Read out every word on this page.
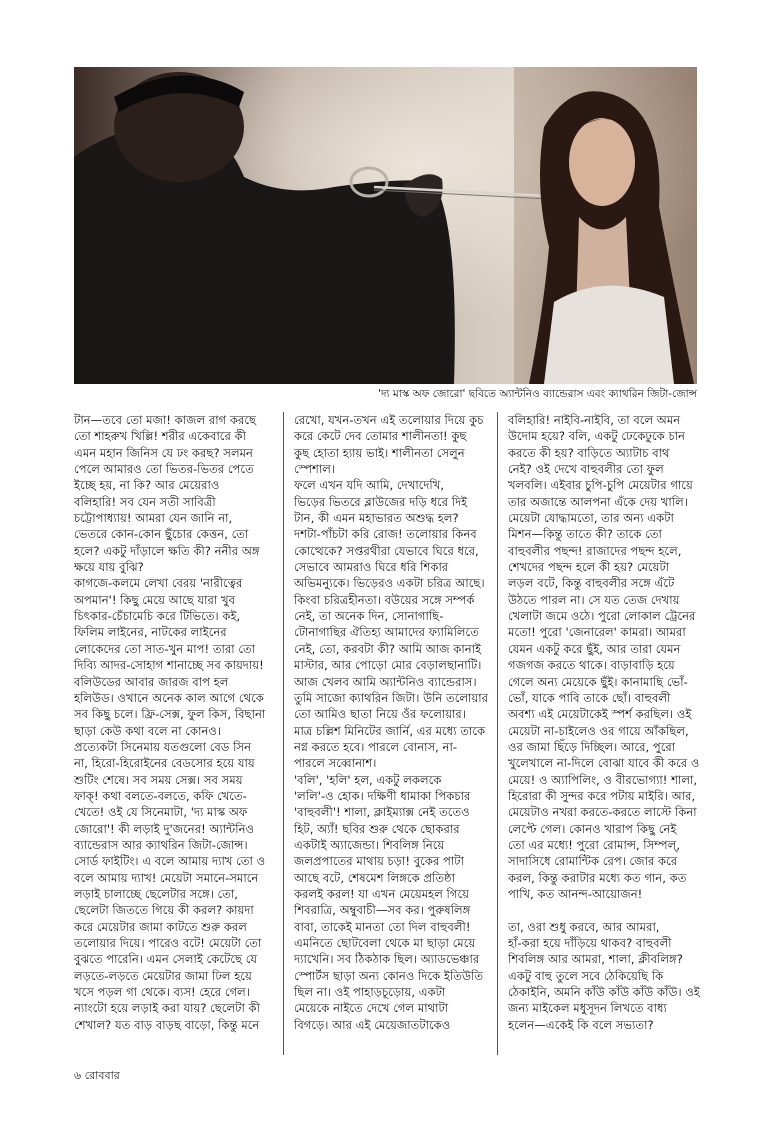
'দ্য মাস্ক অফ জোরো' ছবিতে অ্যান্টনিও ব্যান্ডেরাস এবং ক্যাথরিন জিটা-জোন্স

টান—তবে তো মজা! কাজল রাগ করছে

তো শাহরুখ খিল্লি! শরীর একেবারে কী

এমন মহান জিনিস যে ঢং করছ? সলমন

পেলে আমারও তো ভিতর-ভিতর পেতে

ইচ্ছে হয়, না কি? আর মেয়েরাও

বলিহারি! সব যেন সতী সাবিত্রী

চট্টোপাধ্যায়! আমরা যেন জানি না,

ভেতরে কোন-কোন ছুঁচোর কেত্তন, তো

হলে? একটু দাঁড়ালে ক্ষতি কী? ননীর অঙ্গ

ক্ষয়ে যায় বুঝি?

কাগজে-কলমে লেখা বেরয় 'নারীত্বের

অপমান'! কিছু মেয়ে আছে যারা খুব

চিৎকার-চেঁচামেচি করে টিভিতে। কই,

ফিলিম লাইনের, নাটকের লাইনের

লোকেদের তো সাত-খুন মাপ! তারা তো

দিব্যি আদর-সোহাগ শানাচ্ছে সব কায়দায়!

বলিউডের আবার জারজ বাপ হল

হলিউড। ওখানে অনেক কাল আগে থেকে

সব কিছু চলে। ফ্রি-সেক্স, ফুল কিস, বিছানা

ছাড়া কেউ কথা বলে না কোনও।

প্রত্যেকটা সিনেমায় যতগুলো বেড সিন

না, হিরো-হিরোইনের বেডসোর হয়ে যায়

শুটিং শেষে। সব সময় সেক্স। সব সময়

ফাক্! কথা বলতে-বলতে, কফি খেতে-

খেতে! ওই যে সিনেমাটা, 'দ্য মাস্ক অফ

জোরো'! কী লড়াই দু'জনের! অ্যান্টনিও

ব্যান্ডেরাস আর ক্যাথরিন জিটা-জোন্স।

সোর্ড ফাইটিং। এ বলে আমায় দ্যাখ তো ও

বলে আমায় দ্যাখ! মেয়েটা সমানে-সমানে

লড়াই চালাচ্ছে ছেলেটার সঙ্গে। তো,

ছেলেটা জিততে গিয়ে কী করল? কায়দা

করে মেয়েটার জামা কাটতে শুরু করল

তলোয়ার দিয়ে। পারেও বটে! মেয়েটা তো

বুঝতে পারেনি। এমন সেলাই কেটেছে যে

লড়তে-লড়তে মেয়েটার জামা ঢিল হয়ে

খসে পড়ল গা থেকে। ব্যস! হেরে গেল।

ন্যাংটো হয়ে লড়াই করা যায়? ছেলেটা কী

শেখাল? যত বাড় বাড়ছ বাড়ো, কিন্তু মনে

রেখো, যখন-তখন এই তলোয়ার দিয়ে কুচ

করে কেটে দেব তোমার শালীনতা! কুছ

কুছ হোতা হ্যায় ভাই। শালীনতা সেলুন

স্পেশাল।

ফলে এখন যদি আমি, দেখাদেখি,

ভিড়ের ভিতরে ব্লাউজের দড়ি ধরে দিই

টান, কী এমন মহাভারত অশুদ্ধ হল?

দশটা-পাঁচটা করি রোজ! তলোয়ার কিনব

কোত্থেকে? সপ্তরথীরা যেভাবে ঘিরে ধরে,

সেভাবে আমরাও ঘিরে ধরি শিকার

অভিমন্যুকে। ভিড়েরও একটা চরিত্র আছে।

কিংবা চরিত্রহীনতা। বউয়ের সঙ্গে সম্পর্ক

নেই, তা অনেক দিন, সোনাগাছি-

টোনাগাছির ঐতিহ্য আমাদের ফ্যামিলিতে

নেই, তো, করবটা কী? আমি আজ কানাই

মাস্টার, আর পোড়ো মোর বেড়ালছানাটি।

আজ খেলব আমি অ্যান্টনিও ব্যান্ডেরাস।

তুমি সাজো ক্যাথরিন জিটা। উনি তলোয়ার

তো আমিও ছাতা নিয়ে ওঁর ফলোয়ার।

মাত্র চল্লিশ মিনিটের জার্নি, এর মধ্যে তাকে

নগ্ন করতে হবে। পারলে বোনাস, না-

পারলে সব্বোনাশ।

'বলি', 'হলি' হল, একটু লকলকে

'ললি'-ও হোক। দক্ষিণী ধামাকা পিকচার

'বাহুবলী'! শালা, ক্লাইম্যাক্স নেই ততেও

হিট, অ্যাঁ! ছবির শুরু থেকে ছোকরার

একটাই অ্যাজেন্ডা। শিবলিঙ্গ নিয়ে

জলপ্রপাতের মাথায় চড়া! বুকের পাটা

আছে বটে, শেষমেশ লিঙ্গকে প্রতিষ্ঠা

করলই করল! যা এখন মেয়েমহল গিয়ে

শিবরাত্রি, অম্বুবাচী—সব কর। পুরুষলিঙ্গ

বাবা, তাকেই মানতা তো দিল বাহুবলী!

এমনিতে ছোটবেলা থেকে মা ছাড়া মেয়ে

দ্যাখেনি। সব ঠিকঠাক ছিল। অ্যাডভেঞ্চার

স্পোর্টস ছাড়া অন্য কোনও দিকে ইতিউতি

ছিল না। ওই পাহাড়চূড়োয়, একটা

মেয়েকে নাইতে দেখে গেল মাথাটা

বিগড়ে। আর এই মেয়েজাতটাকেও

বলিহারি! নাইবি-নাইবি, তা বলে অমন

উদোম হয়ে? বলি, একটু ঢেকেঢুকে চান

করতে কী হয়? বাড়িতে অ্যাটাচ বাথ

নেই? ওই দেখে বাহুবলীর তো ফুল

খলবলি। এইবার চুপি-চুপি মেয়েটার গায়ে

তার অজান্তে আলপনা এঁকে দেয় খালি।

মেয়েটা যোদ্ধামতো, তার অন্য একটা

মিশন—কিন্তু তাতে কী? তাকে তো

বাহুবলীর পছন্দ! রাজাদের পছন্দ হলে,

শেখদের পছন্দ হলে কী হয়? মেয়েটা

লড়ল বটে, কিন্তু বাহুবলীর সঙ্গে এঁটে

উঠতে পারল না। সে যত তেজ দেখায়

খেলাটা জমে ওঠে। পুরো লোকাল ট্রেনের

মতো! পুরো 'জেনারেল' কামরা। আমরা

যেমন একটু করে ছুঁই, আর তারা যেমন

গজগজ করতে থাকে। বাড়াবাড়ি হয়ে

গেলে অন্য মেয়েকে ছুঁই। কানামাছি ভোঁ-

ভোঁ, যাকে পাবি তাকে ছোঁ। বাহুবলী

অবশ্য এই মেয়েটাকেই স্পর্শ করছিল। ওই

মেয়েটা না-চাইলেও ওর গায়ে আঁকছিল,

ওর জামা ছিঁড়ে দিচ্ছিল। আরে, পুরো

খুলেখালে না-দিলে বোঝা যাবে কী করে ও

মেয়ে! ও অ্যাপিলিং, ও বীরভোগ্যা! শালা,

হিরোরা কী সুন্দর করে পটায় মাইরি। আর,

মেয়েটাও নখরা করতে-করতে লাস্টে কিনা

লেপ্টে গেল। কোনও খারাপ কিছু নেই

তো এর মধ্যে! পুরো রোমান্স, সিম্পল্,

সাদাসিধে রোমান্টিক রেপ। জোর করে

করল, কিন্তু করাটার মধ্যে কত গান, কত

পাখি, কত আনন্দ-আয়োজন!

তা, ওরা শুধু করবে, আর আমরা,

হাঁ-করা হয়ে দাঁড়িয়ে থাকব? বাহুবলী

শিবলিঙ্গ আর আমরা, শালা, ক্লীবলিঙ্গ?

একটু বাহু তুলে সবে ঠেকিয়েছি কি

ঠেকাইনি, অমনি কাঁউ কাঁউ কাঁউ কাঁউ। ওই

জন্য মাইকেল মধুসূদন লিখতে বাধ্য

হলেন—একেই কি বলে সভ্যতা?

৬ রোববার
